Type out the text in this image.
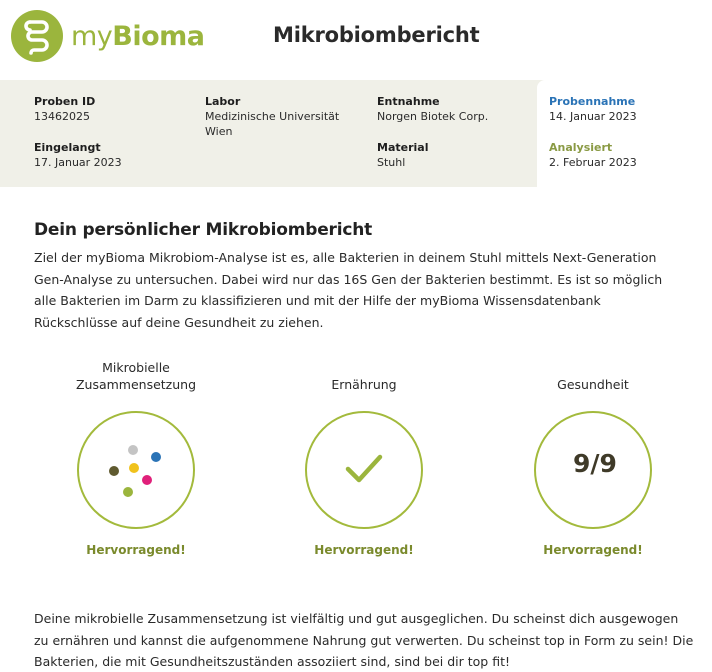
myBioma	Mikrobiombericht
Proben ID
13462025
Labor
Medizinische Universität Wien
Entnahme
Norgen Biotek Corp.
Eingelangt
17. Januar 2023
Material
Stuhl
Probennahme
14. Januar 2023
Analysiert
2. Februar 2023
Dein persönlicher Mikrobiombericht

Ziel der myBioma Mikrobiom-Analyse ist es, alle Bakterien in deinem Stuhl mittels Next-Generation Gen-Analyse zu untersuchen. Dabei wird nur das 16S Gen der Bakterien bestimmt. Es ist so möglich alle Bakterien im Darm zu klassifizieren und mit der Hilfe der myBioma Wissensdatenbank Rückschlüsse auf deine Gesundheit zu ziehen.

Mikrobielle
Zusammensetzung
Hervorragend!
Ernährung
Hervorragend!
Gesundheit
9/9
Hervorragend!

Deine mikrobielle Zusammensetzung ist vielfältig und gut ausgeglichen. Du scheinst dich ausgewogen zu ernähren und kannst die aufgenommene Nahrung gut verwerten. Du scheinst top in Form zu sein! Die Bakterien, die mit Gesundheitszuständen assoziiert sind, sind bei dir top fit!
